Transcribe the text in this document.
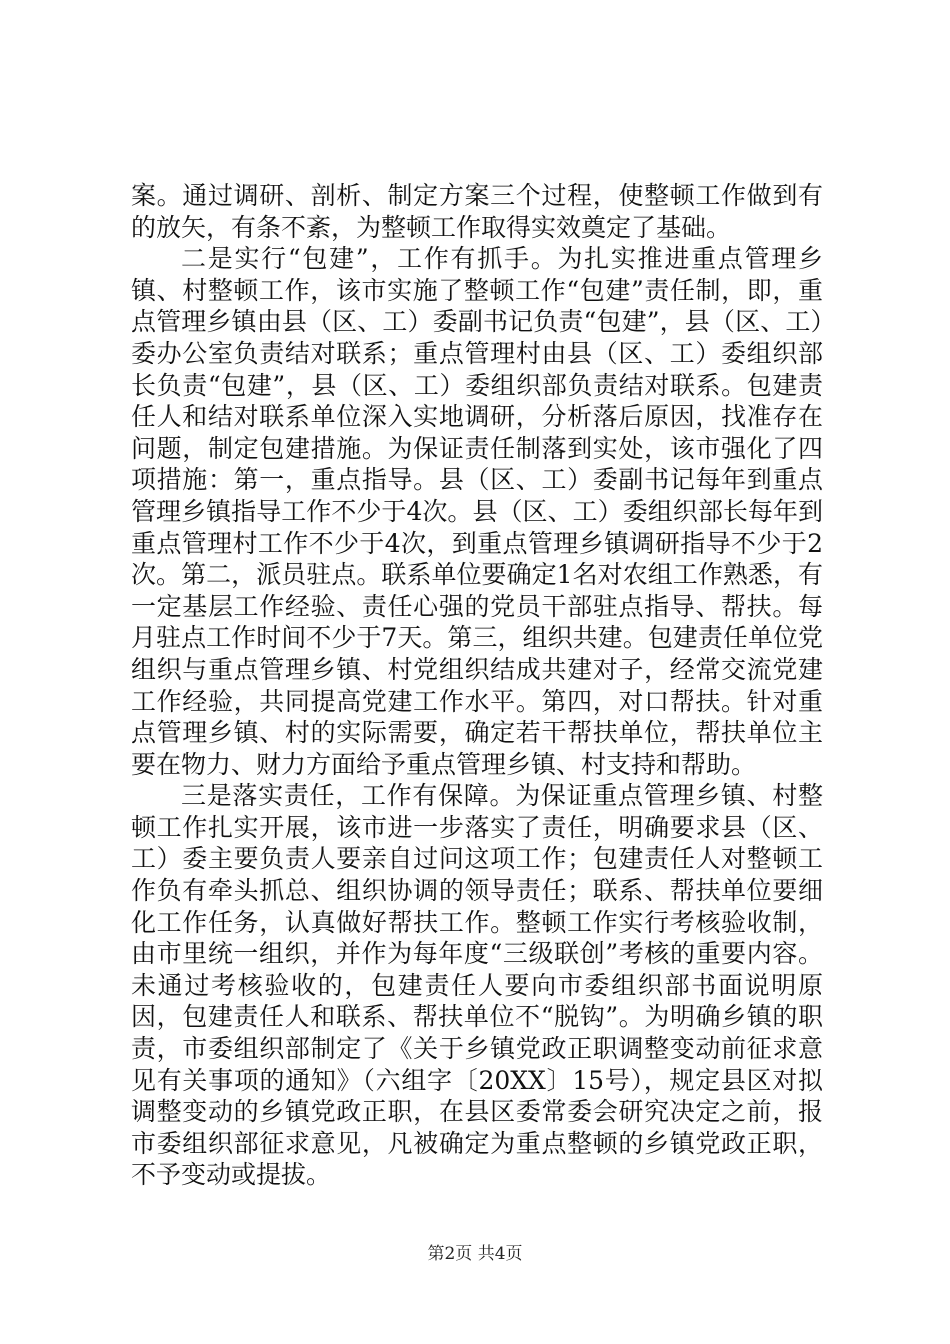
案。通过调研、剖析、制定方案三个过程，使整顿工作做到有的放矢，有条不紊，为整顿工作取得实效奠定了基础。

二是实行“包建”，工作有抓手。为扎实推进重点管理乡镇、村整顿工作，该市实施了整顿工作“包建”责任制，即，重点管理乡镇由县（区、工）委副书记负责“包建”，县（区、工）委办公室负责结对联系；重点管理村由县（区、工）委组织部长负责“包建”，县（区、工）委组织部负责结对联系。包建责任人和结对联系单位深入实地调研，分析落后原因，找准存在问题，制定包建措施。为保证责任制落到实处，该市强化了四项措施：第一，重点指导。县（区、工）委副书记每年到重点管理乡镇指导工作不少于4次。县（区、工）委组织部长每年到重点管理村工作不少于4次，到重点管理乡镇调研指导不少于2次。第二，派员驻点。联系单位要确定1名对农组工作熟悉，有一定基层工作经验、责任心强的党员干部驻点指导、帮扶。每月驻点工作时间不少于7天。第三，组织共建。包建责任单位党组织与重点管理乡镇、村党组织结成共建对子，经常交流党建工作经验，共同提高党建工作水平。第四，对口帮扶。针对重点管理乡镇、村的实际需要，确定若干帮扶单位，帮扶单位主要在物力、财力方面给予重点管理乡镇、村支持和帮助。

三是落实责任，工作有保障。为保证重点管理乡镇、村整顿工作扎实开展，该市进一步落实了责任，明确要求县（区、工）委主要负责人要亲自过问这项工作；包建责任人对整顿工作负有牵头抓总、组织协调的领导责任；联系、帮扶单位要细化工作任务，认真做好帮扶工作。整顿工作实行考核验收制，由市里统一组织，并作为每年度“三级联创”考核的重要内容。未通过考核验收的，包建责任人要向市委组织部书面说明原因，包建责任人和联系、帮扶单位不“脱钩”。为明确乡镇的职责，市委组织部制定了《关于乡镇党政正职调整变动前征求意见有关事项的通知》（六组字〔20XX〕15号），规定县区对拟调整变动的乡镇党政正职，在县区委常委会研究决定之前，报市委组织部征求意见，凡被确定为重点整顿的乡镇党政正职，不予变动或提拔。

第2页 共4页
